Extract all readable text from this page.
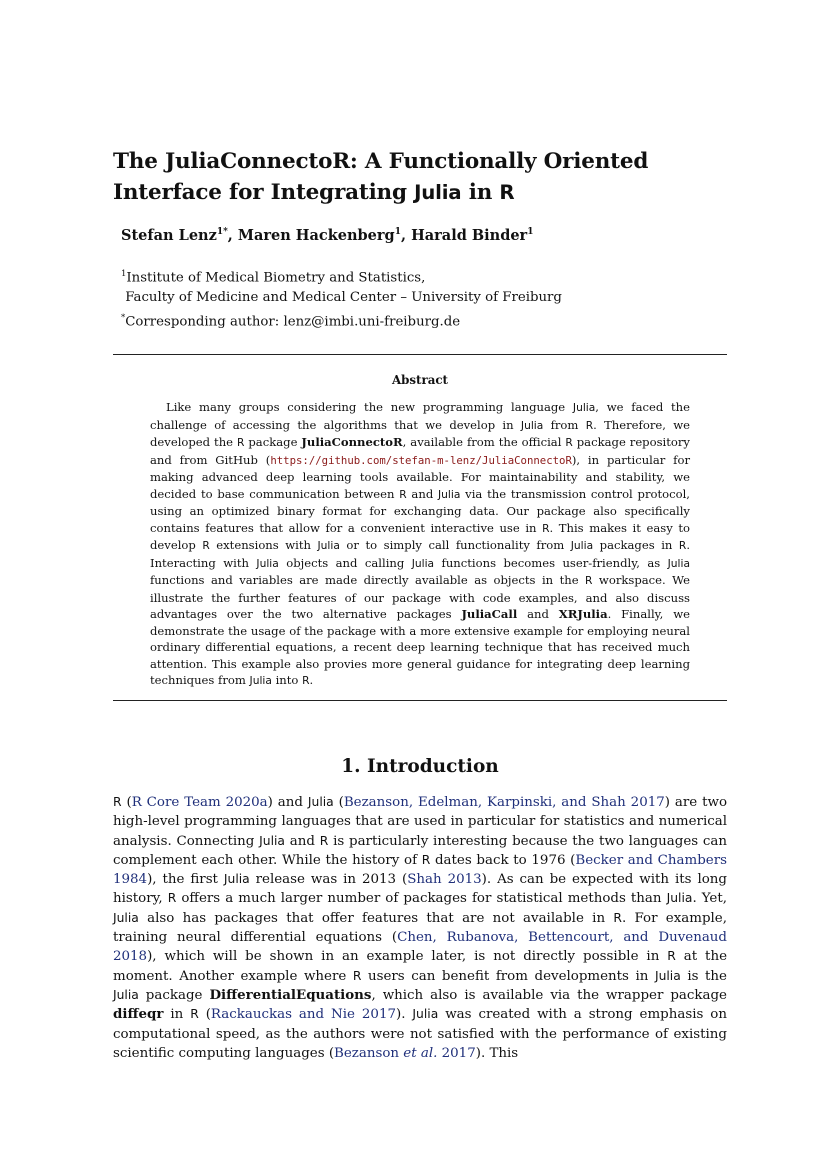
The JuliaConnectoR: A Functionally Oriented
Interface for Integrating Julia in R
Stefan Lenz$^{1*}$, Maren Hackenberg$^1$, Harald Binder$^1$
$^1$Institute of Medical Biometry and Statistics,
Faculty of Medicine and Medical Center – University of Freiburg
*Corresponding author: lenz@imbi.uni-freiburg.de
Abstract

Like many groups considering the new programming language Julia, we faced the challenge of accessing the algorithms that we develop in Julia from R. Therefore, we developed the R package JuliaConnectoR, available from the official R package repository and from GitHub (https://github.com/stefan-m-lenz/JuliaConnectoR), in particular for making advanced deep learning tools available. For maintainability and stability, we decided to base communication between R and Julia via the transmission control protocol, using an optimized binary format for exchanging data. Our package also specifically contains features that allow for a convenient interactive use in R. This makes it easy to develop R extensions with Julia or to simply call functionality from Julia packages in R. Interacting with Julia objects and calling Julia functions becomes user-friendly, as Julia functions and variables are made directly available as objects in the R workspace. We illustrate the further features of our package with code examples, and also discuss advantages over the two alternative packages JuliaCall and XRJulia. Finally, we demonstrate the usage of the package with a more extensive example for employing neural ordinary differential equations, a recent deep learning technique that has received much attention. This example also provies more general guidance for integrating deep learning techniques from Julia into R.

1. Introduction

R (R Core Team 2020a) and Julia (Bezanson, Edelman, Karpinski, and Shah 2017) are two high-level programming languages that are used in particular for statistics and numerical analysis. Connecting Julia and R is particularly interesting because the two languages can complement each other. While the history of R dates back to 1976 (Becker and Chambers 1984), the first Julia release was in 2013 (Shah 2013). As can be expected with its long history, R offers a much larger number of packages for statistical methods than Julia. Yet, Julia also has packages that offer features that are not available in R. For example, training neural differential equations (Chen, Rubanova, Bettencourt, and Duvenaud 2018), which will be shown in an example later, is not directly possible in R at the moment. Another example where R users can benefit from developments in Julia is the Julia package DifferentialEquations, which also is available via the wrapper package diffeqr in R (Rackauckas and Nie 2017). Julia was created with a strong emphasis on computational speed, as the authors were not satisfied with the performance of existing scientific computing languages (Bezanson et al. 2017). This
